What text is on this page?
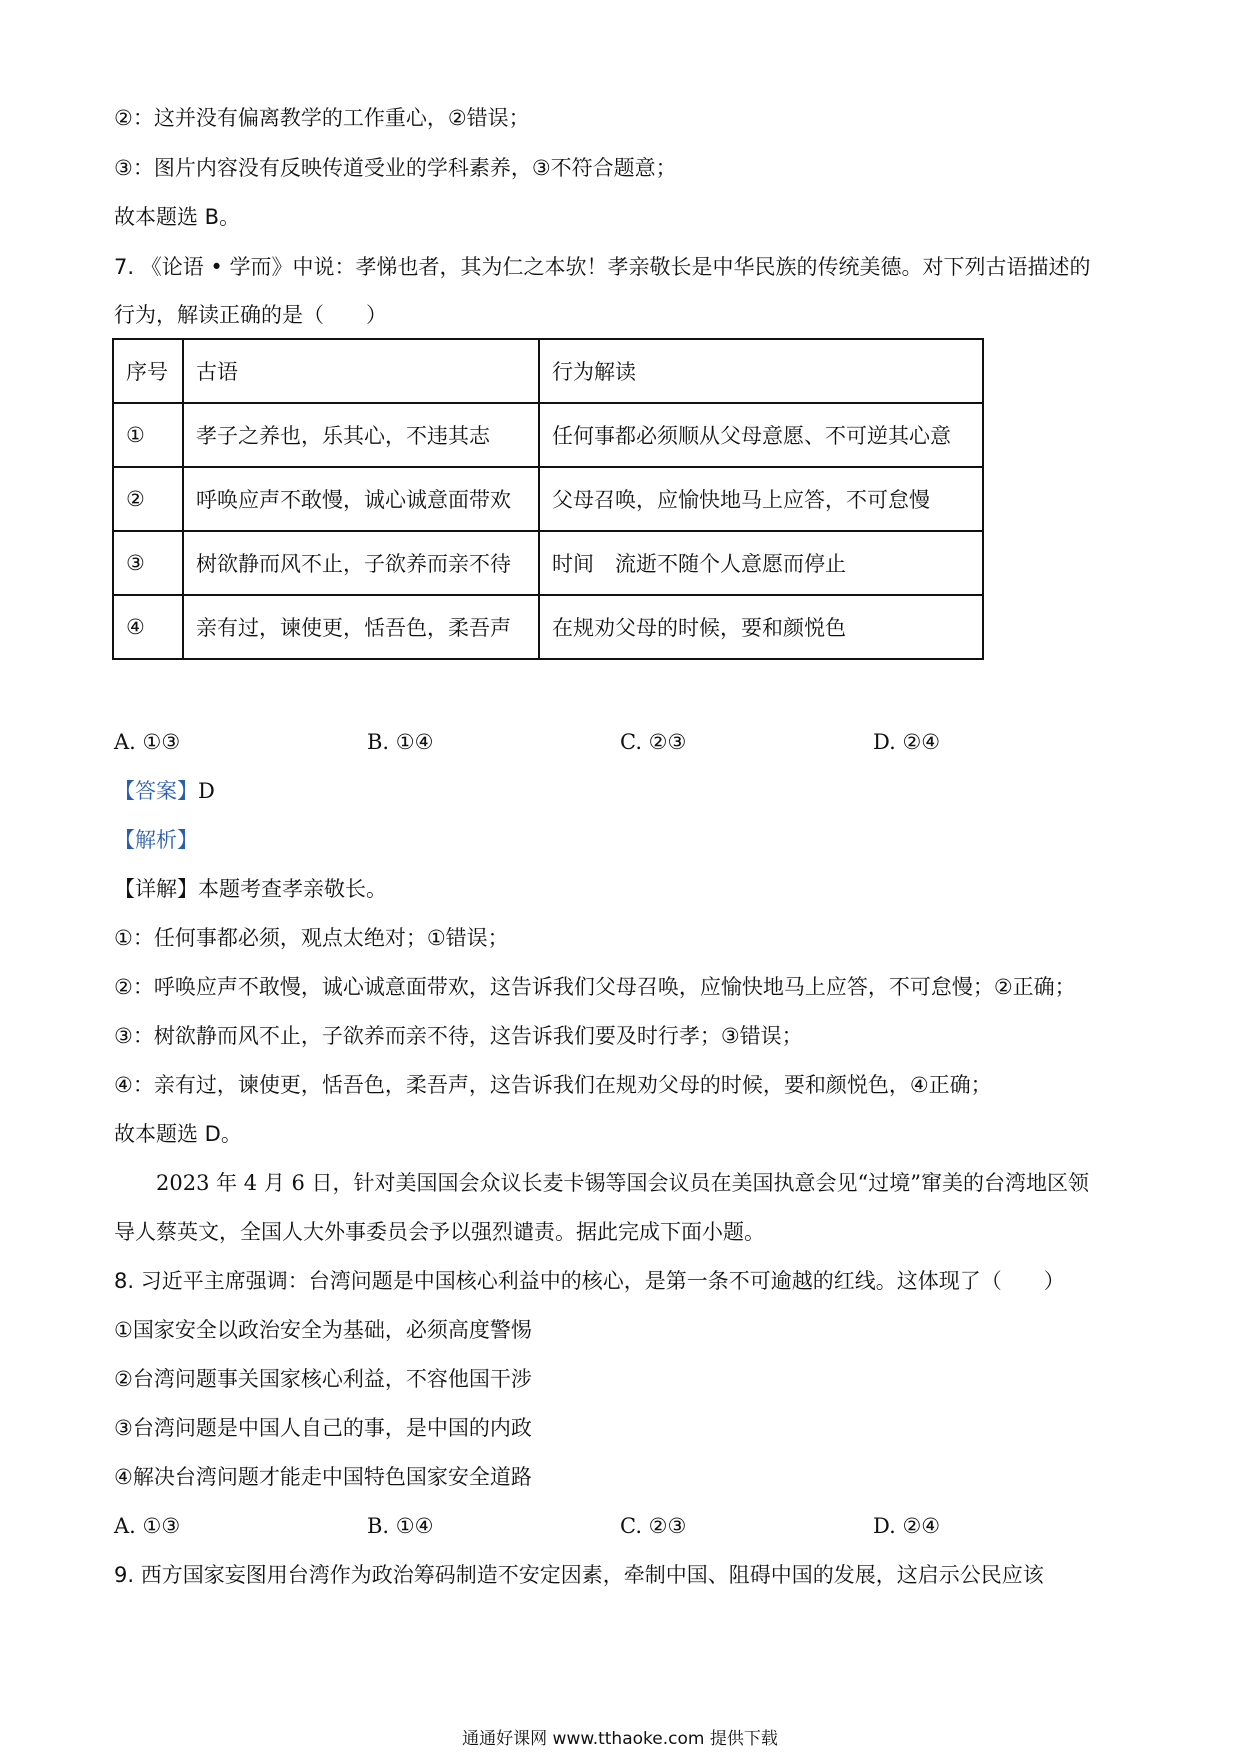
②：这并没有偏离教学的工作重心，②错误；
③：图片内容没有反映传道受业的学科素养，③不符合题意；
故本题选 B。
7. 《论语 • 学而》中说：孝悌也者，其为仁之本欤！孝亲敬长是中华民族的传统美德。对下列古语描述的
行为，解读正确的是（　　）
序号	古语	行为解读
①	孝子之养也，乐其心，不违其志	任何事都必须顺从父母意愿、不可逆其心意
②	呼唤应声不敢慢，诚心诚意面带欢	父母召唤，应愉快地马上应答，不可怠慢
③	树欲静而风不止，子欲养而亲不待	时间　流逝不随个人意愿而停止
④	亲有过，谏使更，恬吾色，柔吾声	在规劝父母的时候，要和颜悦色
A. ①③	B. ①④	C. ②③	D. ②④
【答案】D
【解析】
【详解】本题考查孝亲敬长。
①：任何事都必须，观点太绝对；①错误；
②：呼唤应声不敢慢，诚心诚意面带欢，这告诉我们父母召唤，应愉快地马上应答，不可怠慢；②正确；
③：树欲静而风不止，子欲养而亲不待，这告诉我们要及时行孝；③错误；
④：亲有过，谏使更，恬吾色，柔吾声，这告诉我们在规劝父母的时候，要和颜悦色，④正确；
故本题选 D。
2023 年 4 月 6 日，针对美国国会众议长麦卡锡等国会议员在美国执意会见“过境”窜美的台湾地区领
导人蔡英文，全国人大外事委员会予以强烈谴责。据此完成下面小题。
8. 习近平主席强调：台湾问题是中国核心利益中的核心，是第一条不可逾越的红线。这体现了（　　）
①国家安全以政治安全为基础，必须高度警惕
②台湾问题事关国家核心利益，不容他国干涉
③台湾问题是中国人自己的事，是中国的内政
④解决台湾问题才能走中国特色国家安全道路
A. ①③	B. ①④	C. ②③	D. ②④
9. 西方国家妄图用台湾作为政治筹码制造不安定因素，牵制中国、阻碍中国的发展，这启示公民应该
通通好课网 www.tthaoke.com 提供下载
